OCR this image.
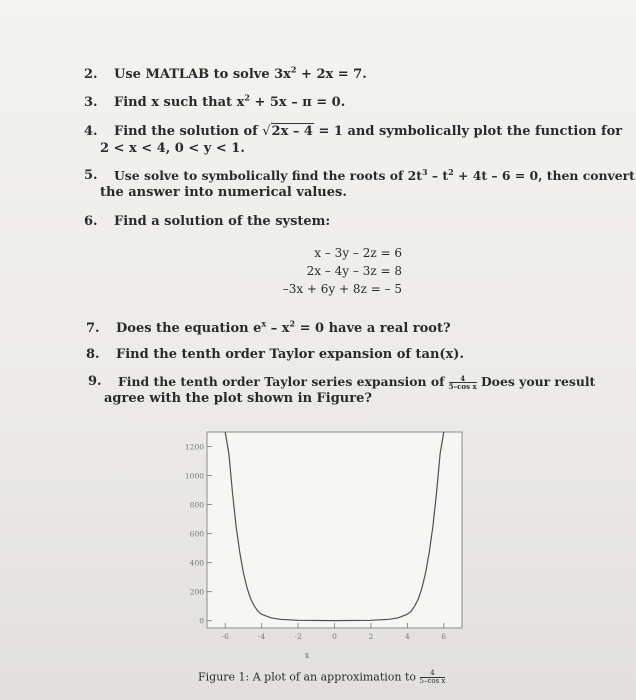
2. Use MATLAB to solve $3x^2 + 2x = 7$.
3. Find x such that $x^2 + 5x - \pi = 0$.
4. Find the solution of √2x – 4 = 1 and symbolically plot the function for
2 < x < 4, 0 < y < 1.
5. Use solve to symbolically find the roots of $2t^3 - t^2 + 4t - 6 = 0$, then convert
the answer into numerical values.
6. Find a solution of the system:
x – 3y – 2z = 6
2x – 4y – 3z = 8
–3x + 6y + 8z = – 5
7. Does the equation $e^x - x^2 = 0$ have a real root?
8. Find the tenth order Taylor expansion of tan(x).
9. Find the tenth order Taylor series expansion of $\frac{4}{\text{5–cos x}}$ Does your result
agree with the plot shown in Figure?
1200
1000
800
600
400
200
0
-6	-4	-2	0	2	4	6
x
Figure 1: A plot of an approximation to $\frac{4}{\text{5–cos x}}$
